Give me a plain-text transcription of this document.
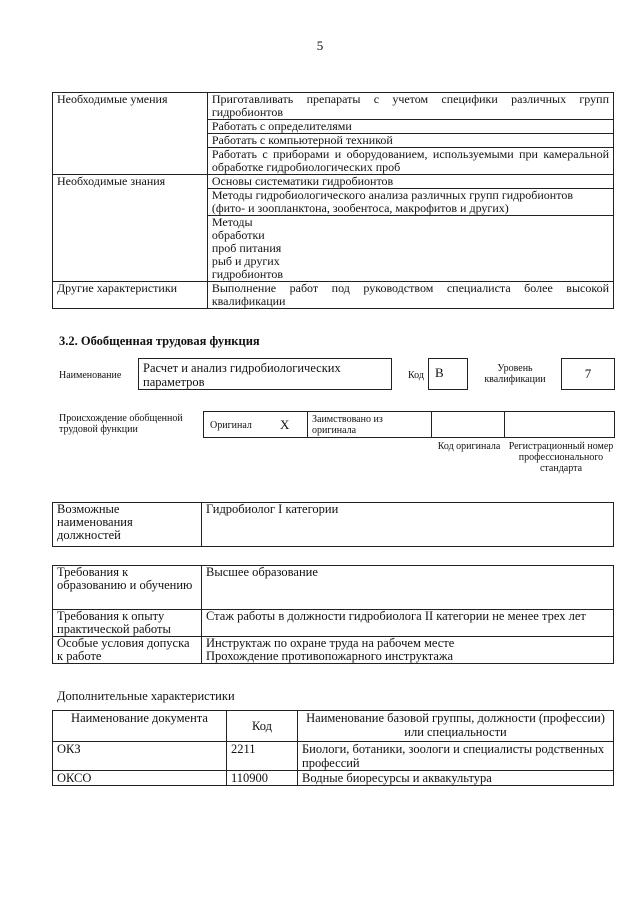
5
Необходимые умения	Приготавливать препараты с учетом специфики различных групп гидробионтов
	Работать с определителями
	Работать с компьютерной техникой
	Работать с приборами и оборудованием, используемыми при камеральной обработке гидробиологических проб
Необходимые знания	Основы систематики гидробионтов
	Методы гидробиологического анализа различных групп гидробионтов (фито- и зоопланктона, зообентоса, макрофитов и других)
	Методы обработки проб питания рыб и других гидробионтов
Другие характеристики	Выполнение работ под руководством специалиста более высокой квалификации
3.2. Обобщенная трудовая функция
Наименование
Расчет и анализ гидробиологических параметров	Код В	Уровень квалификации	7
Происхождение обобщенной трудовой функции	Оригинал X	Заимствовано из оригинала
Код оригинала Регистрационный номер профессионального стандарта
Возможные наименования должностей	Гидробиолог I категории
Требования к образованию и обучению	Высшее образование
Требования к опыту практической работы	Стаж работы в должности гидробиолога II категории не менее трех лет
Особые условия допуска к работе	Инструктаж по охране труда на рабочем месте
Прохождение противопожарного инструктажа
Дополнительные характеристики
Наименование документа	Код	Наименование базовой группы, должности (профессии) или специальности
ОКЗ	2211	Биологи, ботаники, зоологи и специалисты родственных профессий
ОКСО	110900	Водные биоресурсы и аквакультура
